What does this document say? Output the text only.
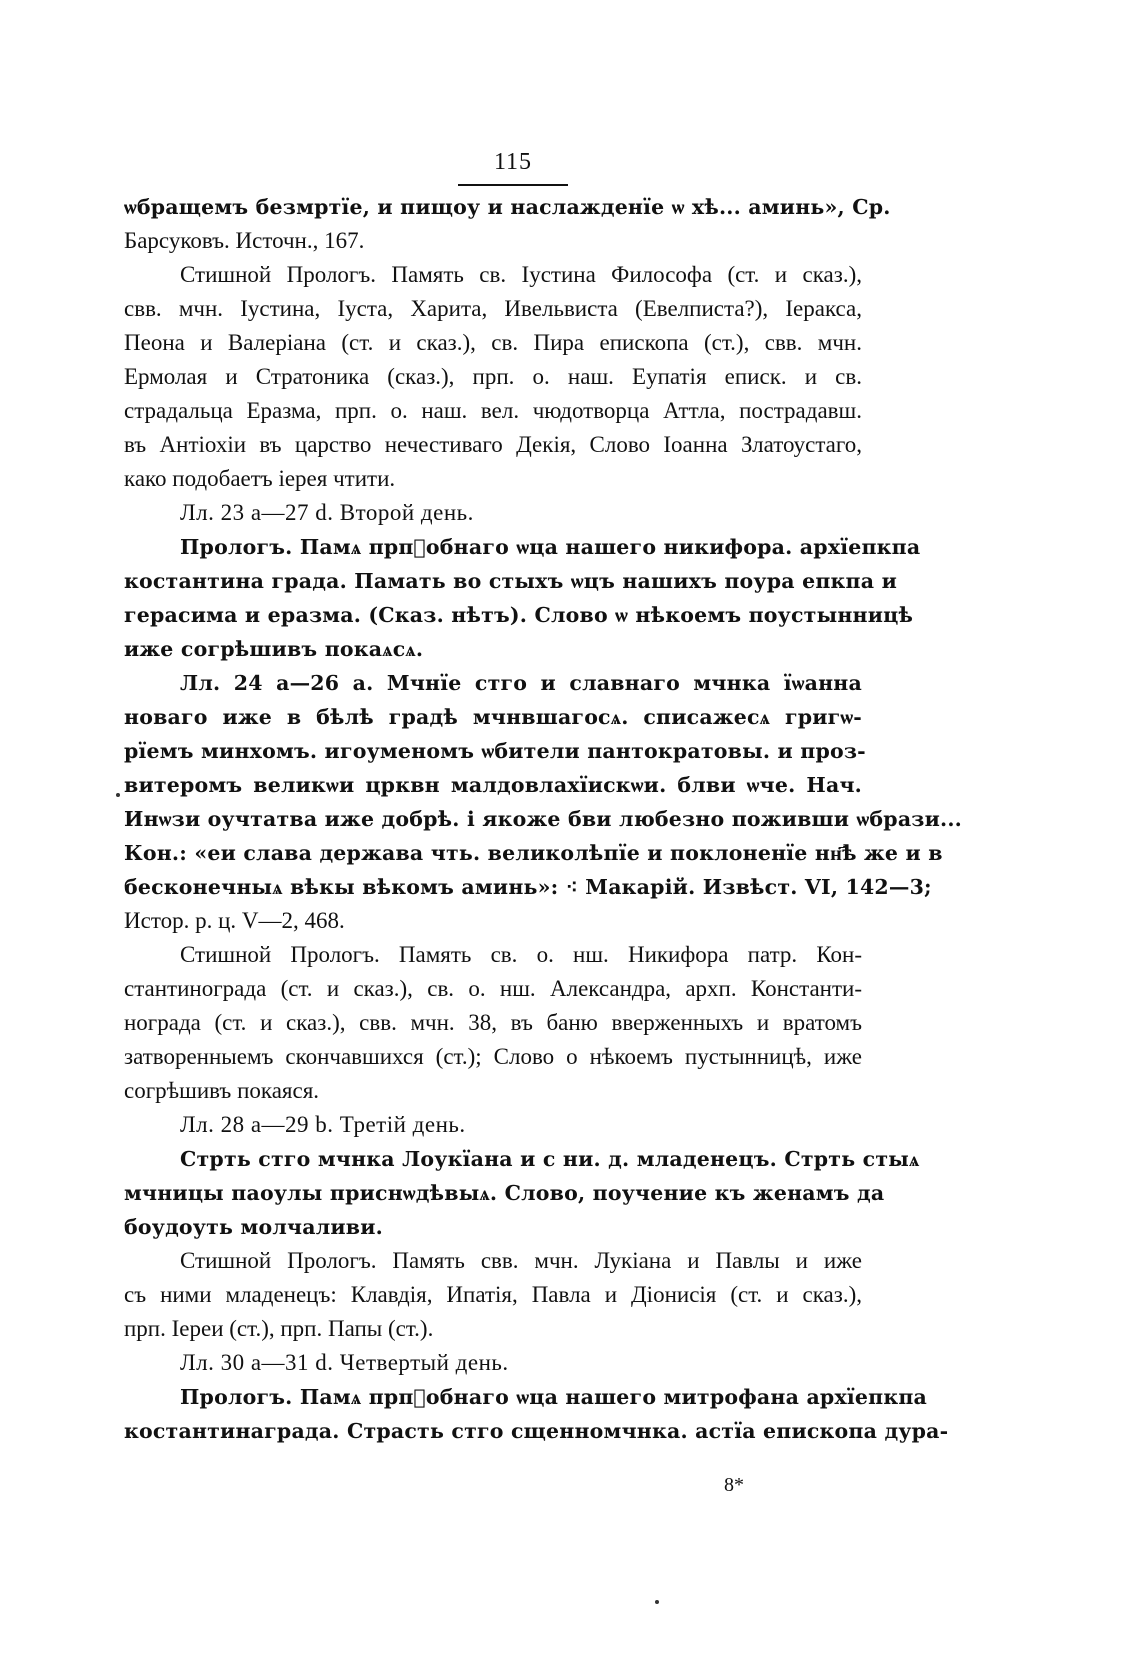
115
ѡбращемъ безмртїе, и пищоу и наслажденїе ѡ хѣ... аминь», Ср.
Барсуковъ. Источн., 167.
Стишной Прологъ. Память св. Іустина Философа (ст. и сказ.),
свв. мчн. Іустина, Іуста, Харита, Ивельвиста (Евелписта?), Іеракса,
Пеона и Валеріана (ст. и сказ.), св. Пира епископа (ст.), свв. мчн.
Ермолая и Стратоника (сказ.), прп. о. наш. Еупатія еписк. и св.
страдальца Еразма, прп. о. наш. вел. чюдотворца Аттла, пострадавш.
въ Антіохіи въ царство нечестиваго Декія, Слово Іоанна Златоустаго,
како подобаетъ іерея чтити.
Лл. 23 а—27 d. Второй день.
Прологъ. Памѧ прпⷣобнаго ѡца нашего никифора. архїепкпа
костантина града. Памать во стыхъ ѡцъ нашихъ поура епкпа и
герасима и еразма. (Сказ. нѣтъ). Слово ѡ нѣкоемъ поустынницѣ
иже согрѣшивъ покаѧсѧ.
Лл. 24 а—26 а. Мчнїе стго и славнаго мчнка їѡанна
новаго иже в бѣлѣ градѣ мчнвшагосѧ. списажесѧ григѡ-
рїемъ минхомъ. игоуменомъ ѡбители пантократовы. и проз-
витеромъ великѡи црквн малдовлахїискѡи. блви ѡче. Нач.
Инѡзи оучтатва иже добрѣ. і якоже бви любезно поживши ѡбрази...
Кон.: «еи слава держава чть. великолѣпїе и поклоненїе нн҃ѣ же и в
бесконечныѧ вѣкы вѣкомъ аминь»: ⁖ Макарій. Извѣст. VI, 142—3;
Истор. р. ц. V—2, 468.
Стишной Прологъ. Память св. о. нш. Никифора патр. Кон-
стантинограда (ст. и сказ.), св. о. нш. Александра, архп. Константи-
нограда (ст. и сказ.), свв. мчн. 38, въ баню вверженныхъ и вратомъ
затворенныемъ скончавшихся (ст.); Слово о нѣкоемъ пустынницѣ, иже
согрѣшивъ покаяся.
Лл. 28 а—29 b. Третій день.
Стрть стго мчнка Лоукїана и с ни. д. младенецъ. Стрть стыѧ
мчницы паоулы приснѡдѣвыѧ. Слово, поучение къ женамъ да
боудоуть молчаливи.
Стишной Прологъ. Память свв. мчн. Лукіана и Павлы и иже
съ ними младенецъ: Клавдія, Ипатія, Павла и Діонисія (ст. и сказ.),
прп. Іереи (ст.), прп. Папы (ст.).
Лл. 30 а—31 d. Четвертый день.
Прологъ. Памѧ прпⷣобнаго ѡца нашего митрофана архїепкпа
костантинаграда. Страсть стго сщенномчнка. астїа епископа дура-
8*
